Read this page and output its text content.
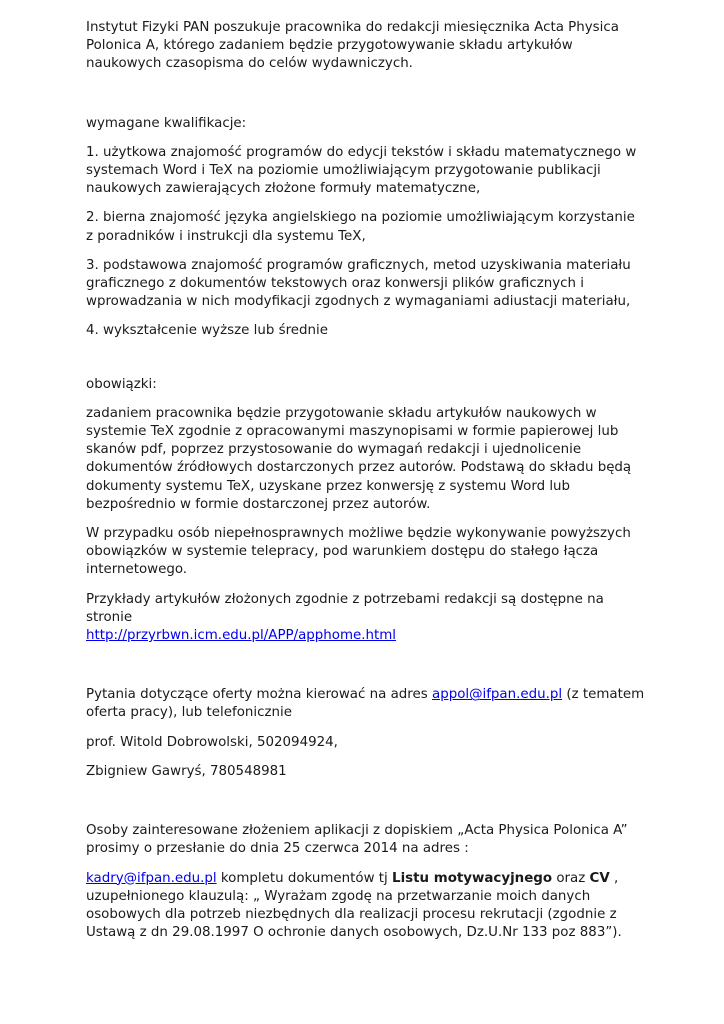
Instytut Fizyki PAN poszukuje pracownika do redakcji miesięcznika Acta Physica Polonica A, którego zadaniem będzie przygotowywanie składu artykułów naukowych czasopisma do celów wydawniczych.

wymagane kwalifikacje:

1. użytkowa znajomość programów do edycji tekstów i składu matematycznego w systemach Word i TeX na poziomie umożliwiającym przygotowanie publikacji naukowych zawierających złożone formuły matematyczne,

2. bierna znajomość języka angielskiego na poziomie umożliwiającym korzystanie z poradników i instrukcji dla systemu TeX,

3. podstawowa znajomość programów graficznych, metod uzyskiwania materiału graficznego z dokumentów tekstowych oraz konwersji plików graficznych i wprowadzania w nich modyfikacji zgodnych z wymaganiami adiustacji materiału,

4. wykształcenie wyższe lub średnie

obowiązki:

zadaniem pracownika będzie przygotowanie składu artykułów naukowych w systemie TeX zgodnie z opracowanymi maszynopisami w formie papierowej lub skanów pdf, poprzez przystosowanie do wymagań redakcji i ujednolicenie dokumentów źródłowych dostarczonych przez autorów. Podstawą do składu będą dokumenty systemu TeX, uzyskane przez konwersję z systemu Word lub bezpośrednio w formie dostarczonej przez autorów.

W przypadku osób niepełnosprawnych możliwe będzie wykonywanie powyższych obowiązków w systemie telepracy, pod warunkiem dostępu do stałego łącza internetowego.

Przykłady artykułów złożonych zgodnie z potrzebami redakcji są dostępne na stronie
http://przyrbwn.icm.edu.pl/APP/apphome.html

Pytania dotyczące oferty można kierować na adres appol@ifpan.edu.pl (z tematem oferta pracy), lub telefonicznie

prof. Witold Dobrowolski, 502094924,

Zbigniew Gawryś, 780548981

Osoby zainteresowane złożeniem aplikacji z dopiskiem „Acta Physica Polonica A” prosimy o przesłanie do dnia 25 czerwca 2014 na adres :

kadry@ifpan.edu.pl kompletu dokumentów tj Listu motywacyjnego oraz CV , uzupełnionego klauzulą: „ Wyrażam zgodę na przetwarzanie moich danych osobowych dla potrzeb niezbędnych dla realizacji procesu rekrutacji (zgodnie z Ustawą z dn 29.08.1997 O ochronie danych osobowych, Dz.U.Nr 133 poz 883”).
